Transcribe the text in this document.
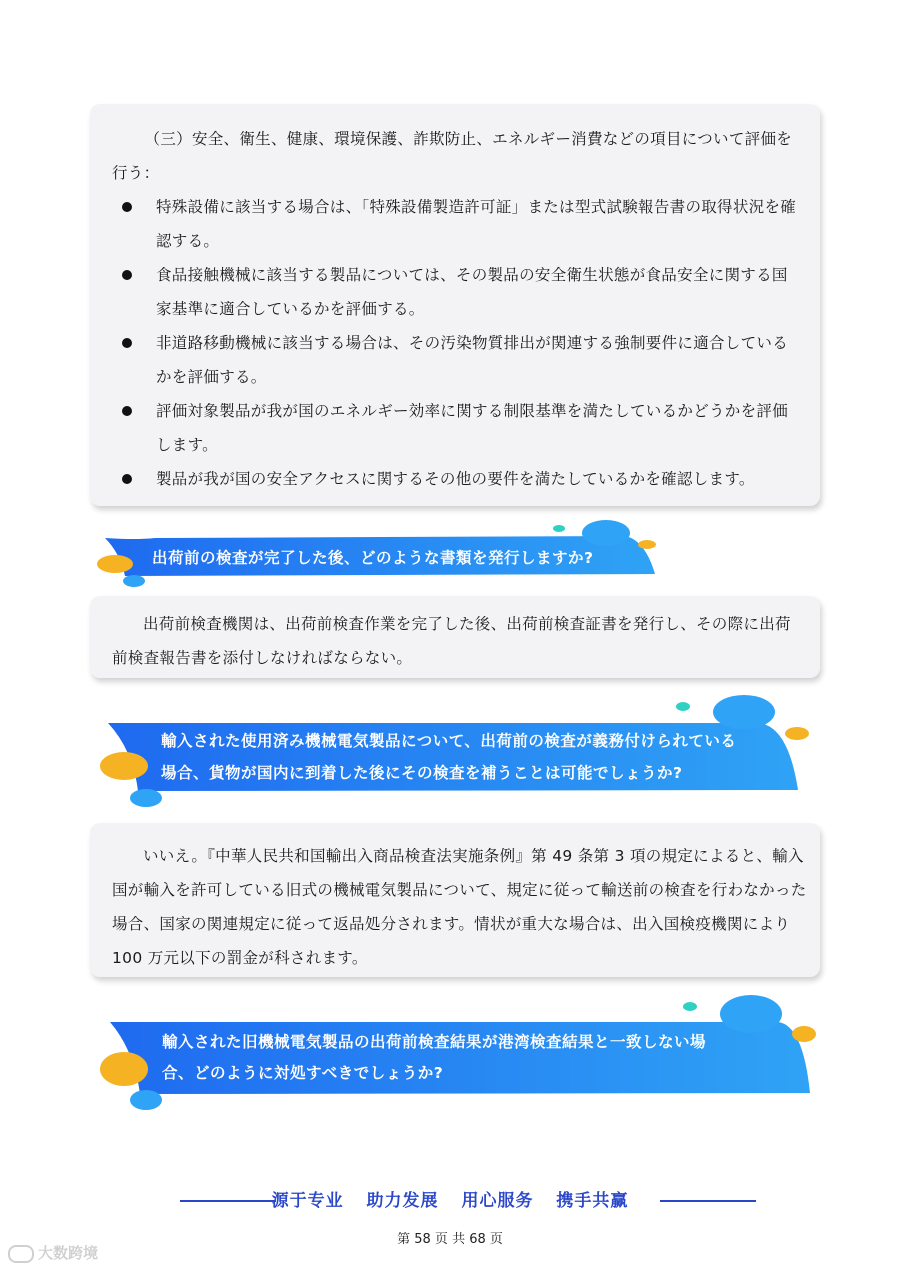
（三）安全、衛生、健康、環境保護、詐欺防止、エネルギー消費などの項目について評価を行う：

特殊設備に該当する場合は、「特殊設備製造許可証」または型式試験報告書の取得状況を確認する。
食品接触機械に該当する製品については、その製品の安全衛生状態が食品安全に関する国家基準に適合しているかを評価する。
非道路移動機械に該当する場合は、その汚染物質排出が関連する強制要件に適合しているかを評価する。
評価対象製品が我が国のエネルギー効率に関する制限基準を満たしているかどうかを評価します。
製品が我が国の安全アクセスに関するその他の要件を満たしているかを確認します。

出荷前の検査が完了した後、どのような書類を発行しますか?

出荷前検査機関は、出荷前検査作業を完了した後、出荷前検査証書を発行し、その際に出荷前検査報告書を添付しなければならない。

輸入された使用済み機械電気製品について、出荷前の検査が義務付けられている

場合、貨物が国内に到着した後にその検査を補うことは可能でしょうか?

いいえ。『中華人民共和国輸出入商品検査法実施条例』第 49 条第 3 項の規定によると、輸入国が輸入を許可している旧式の機械電気製品について、規定に従って輸送前の検査を行わなかった場合、国家の関連規定に従って返品処分されます。情状が重大な場合は、出入国検疫機関により 100 万元以下の罰金が科されます。

輸入された旧機械電気製品の出荷前検査結果が港湾検査結果と一致しない場

合、どのように対処すべきでしょうか?

源于专业 助力发展 用心服务 携手共赢
第 58 页 共 68 页
大数跨境
